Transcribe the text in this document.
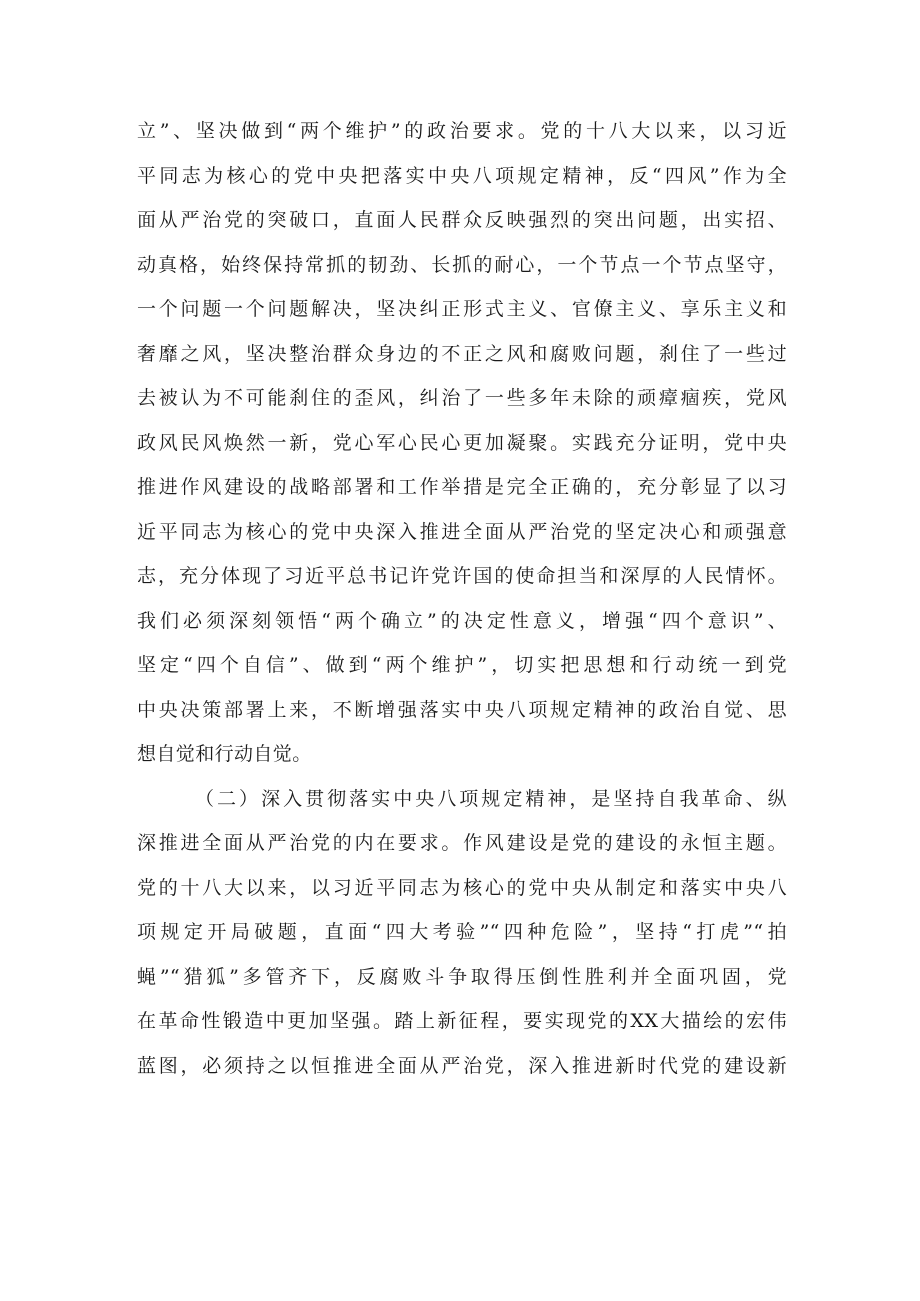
立”、坚决做到“两个维护”的政治要求。党的十八大以来，以习近
平同志为核心的党中央把落实中央八项规定精神，反“四风”作为全
面从严治党的突破口，直面人民群众反映强烈的突出问题，出实招、
动真格，始终保持常抓的韧劲、长抓的耐心，一个节点一个节点坚守，
一个问题一个问题解决，坚决纠正形式主义、官僚主义、享乐主义和
奢靡之风，坚决整治群众身边的不正之风和腐败问题，刹住了一些过
去被认为不可能刹住的歪风，纠治了一些多年未除的顽瘴痼疾，党风
政风民风焕然一新，党心军心民心更加凝聚。实践充分证明，党中央
推进作风建设的战略部署和工作举措是完全正确的，充分彰显了以习
近平同志为核心的党中央深入推进全面从严治党的坚定决心和顽强意
志，充分体现了习近平总书记许党许国的使命担当和深厚的人民情怀。
我们必须深刻领悟“两个确立”的决定性意义，增强“四个意识”、
坚定“四个自信”、做到“两个维护”，切实把思想和行动统一到党
中央决策部署上来，不断增强落实中央八项规定精神的政治自觉、思
想自觉和行动自觉。
（二）深入贯彻落实中央八项规定精神，是坚持自我革命、纵
深推进全面从严治党的内在要求。作风建设是党的建设的永恒主题。
党的十八大以来，以习近平同志为核心的党中央从制定和落实中央八
项规定开局破题，直面“四大考验”“四种危险”，坚持“打虎”“拍
蝇”“猎狐”多管齐下，反腐败斗争取得压倒性胜利并全面巩固，党
在革命性锻造中更加坚强。踏上新征程，要实现党的XX大描绘的宏伟
蓝图，必须持之以恒推进全面从严治党，深入推进新时代党的建设新
